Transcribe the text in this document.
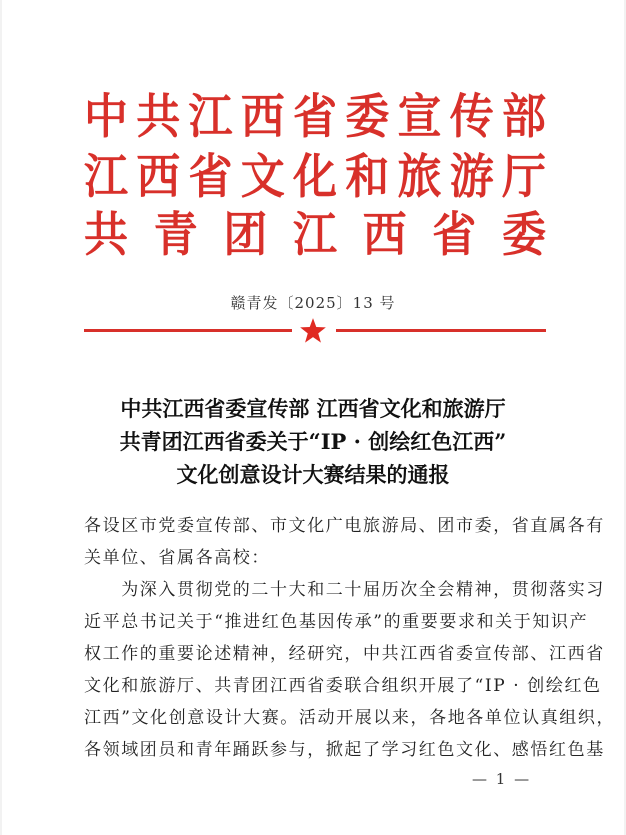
中 共 江 西 省 委 宣 传 部
江 西 省 文 化 和 旅 游 厅
共 青 团 江 西 省 委
赣青发〔2025〕13 号
中共江西省委宣传部 江西省文化和旅游厅
共青团江西省委关于“IP · 创绘红色江西”
文化创意设计大赛结果的通报
各设区市党委宣传部、市文化广电旅游局、团市委，省直属各有
关单位、省属各高校：
　　为深入贯彻党的二十大和二十届历次全会精神，贯彻落实习
近平总书记关于“推进红色基因传承”的重要要求和关于知识产
权工作的重要论述精神，经研究，中共江西省委宣传部、江西省
文化和旅游厅、共青团江西省委联合组织开展了“IP · 创绘红色
江西”文化创意设计大赛。活动开展以来，各地各单位认真组织，
各领域团员和青年踊跃参与，掀起了学习红色文化、感悟红色基
— 1 —
